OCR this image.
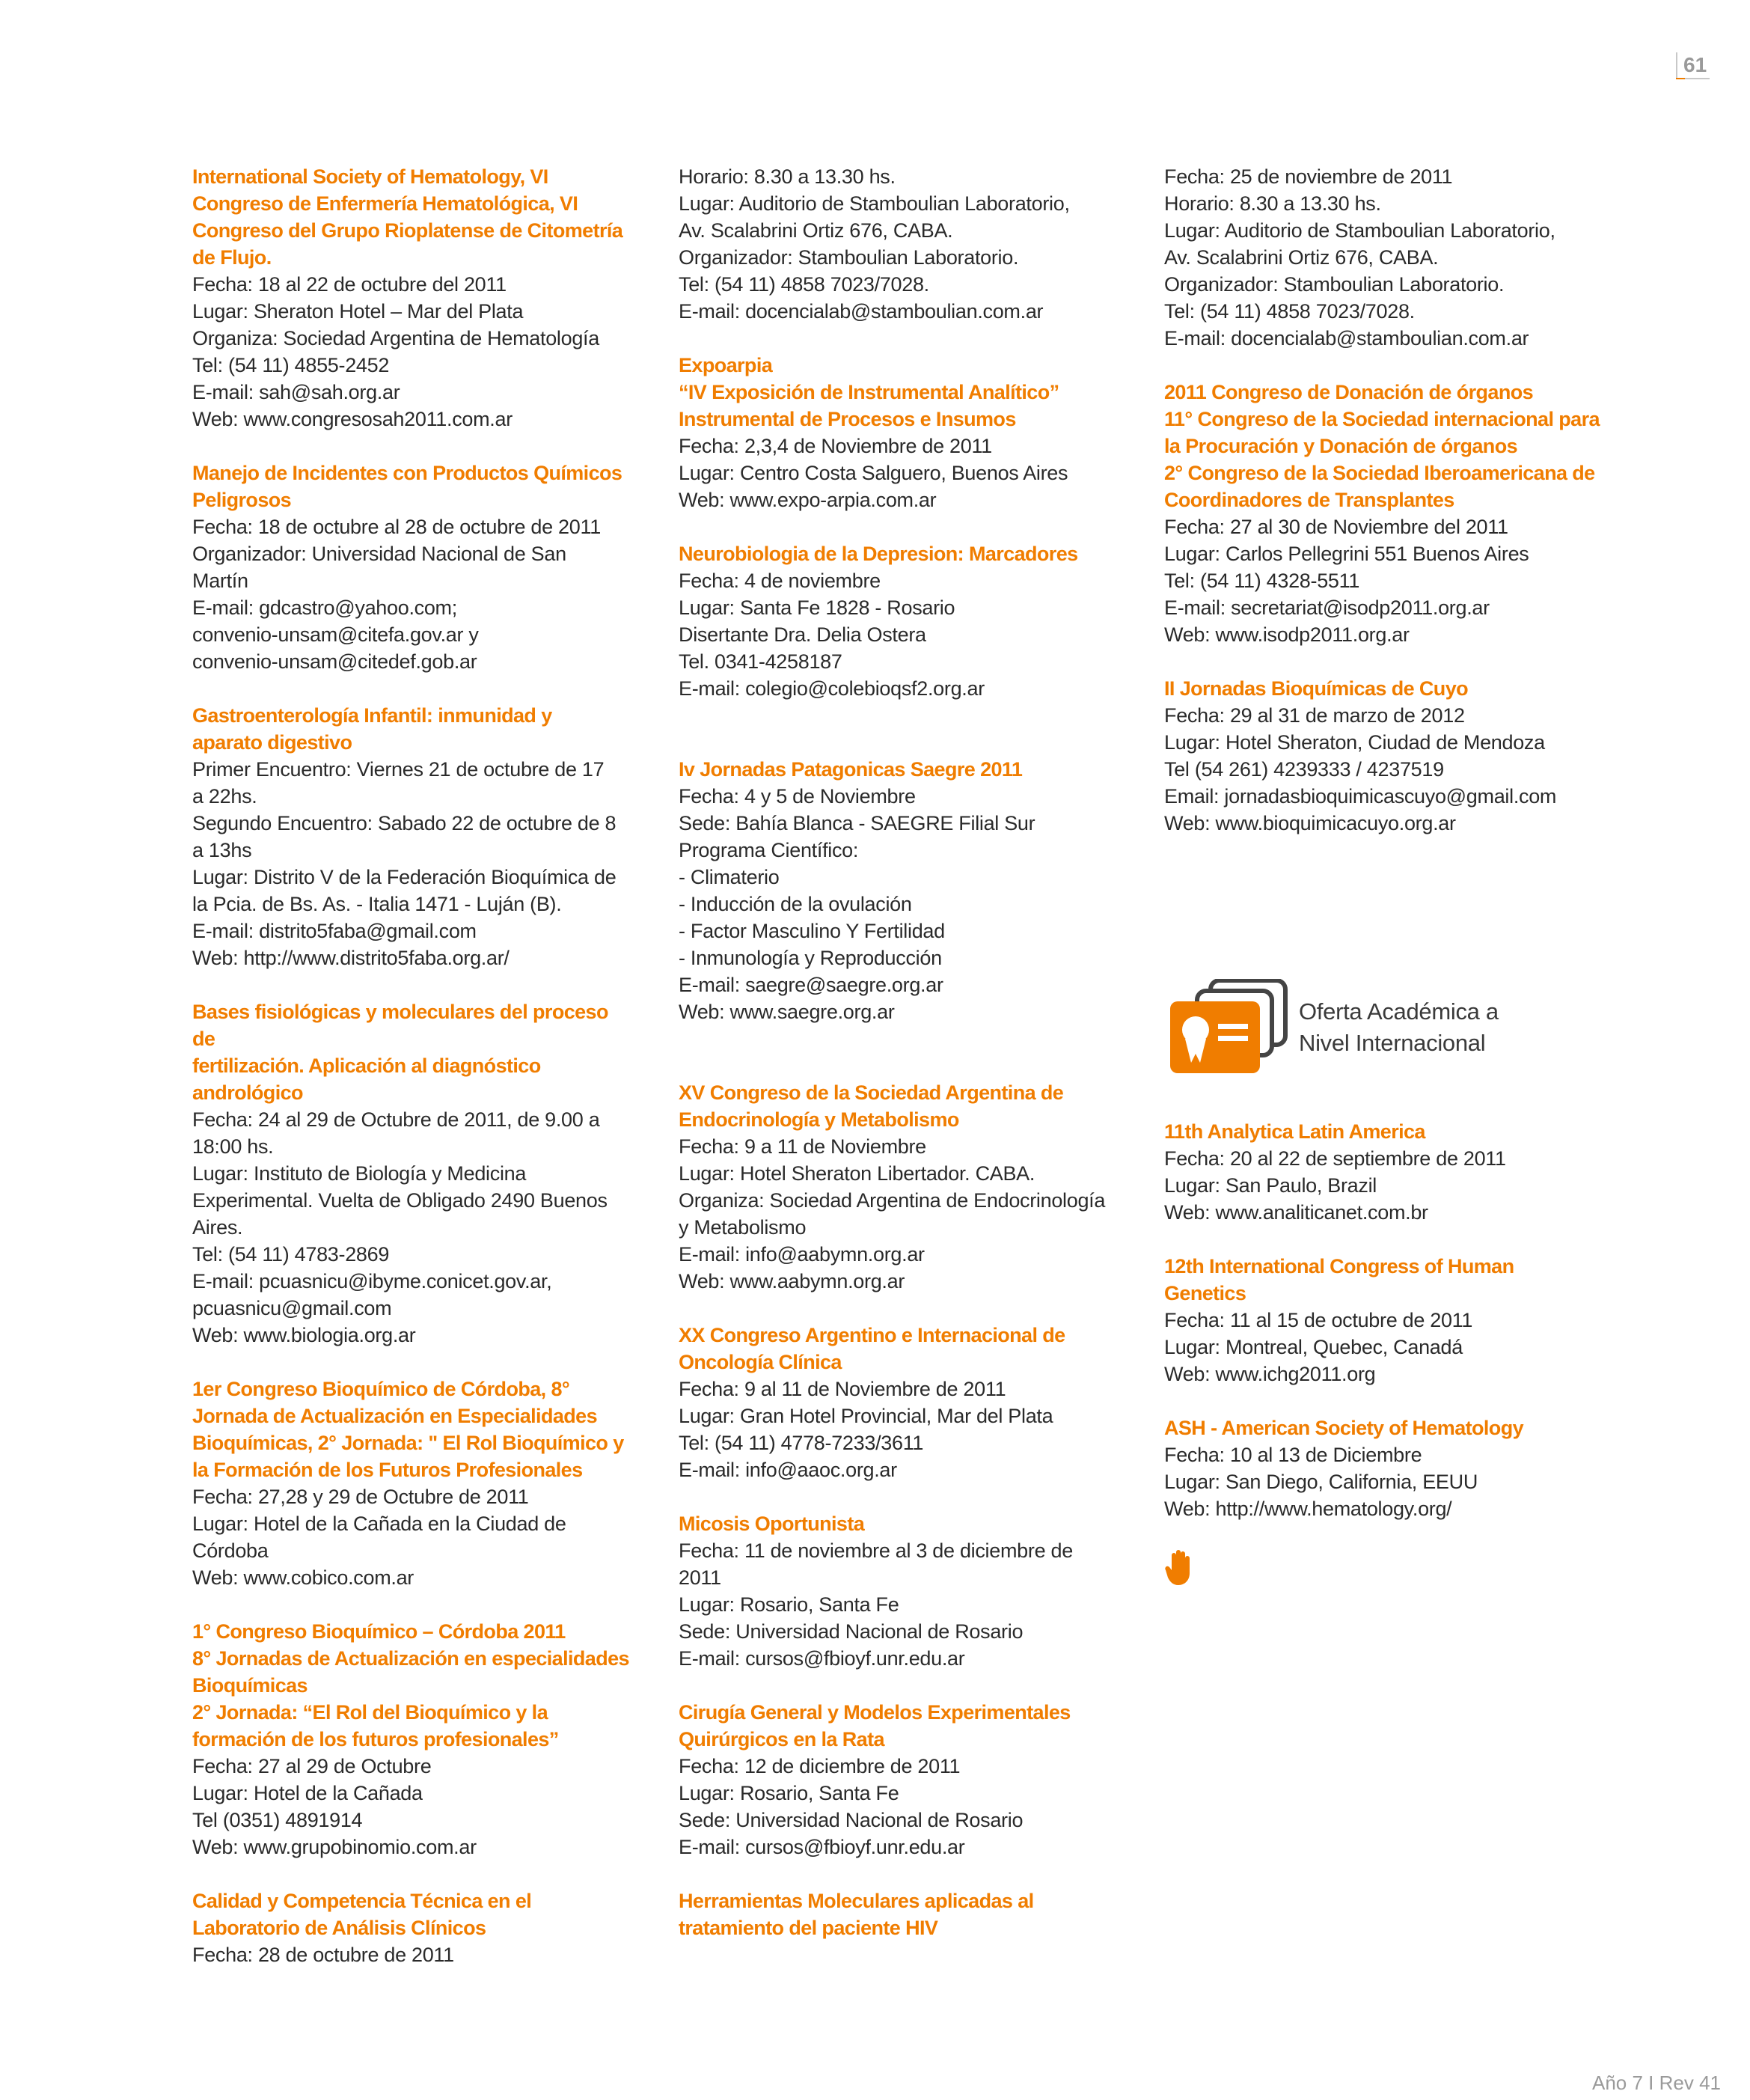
61
International Society of Hematology, VI
Congreso de Enfermería Hematológica, VI
Congreso del Grupo Rioplatense de Citometría
de Flujo.
Fecha: 18 al 22 de octubre del 2011
Lugar: Sheraton Hotel – Mar del Plata
Organiza: Sociedad Argentina de Hematología
Tel: (54 11) 4855-2452
E-mail: sah@sah.org.ar
Web: www.congresosah2011.com.ar
Manejo de Incidentes con Productos Químicos
Peligrosos
Fecha: 18 de octubre al 28 de octubre de 2011
Organizador: Universidad Nacional de San
Martín
E-mail: gdcastro@yahoo.com;
convenio-unsam@citefa.gov.ar y
convenio-unsam@citedef.gob.ar
Gastroenterología Infantil: inmunidad y
aparato digestivo
Primer Encuentro: Viernes 21 de octubre de 17
a 22hs.
Segundo Encuentro: Sabado 22 de octubre de 8
a 13hs
Lugar: Distrito V de la Federación Bioquímica de
la Pcia. de Bs. As. - Italia 1471 - Luján (B).
E-mail: distrito5faba@gmail.com
Web: http://www.distrito5faba.org.ar/
Bases fisiológicas y moleculares del proceso de
fertilización. Aplicación al diagnóstico
andrológico
Fecha: 24 al 29 de Octubre de 2011, de 9.00 a
18:00 hs.
Lugar: Instituto de Biología y Medicina
Experimental. Vuelta de Obligado 2490 Buenos
Aires.
Tel: (54 11) 4783-2869
E-mail: pcuasnicu@ibyme.conicet.gov.ar,
pcuasnicu@gmail.com
Web: www.biologia.org.ar
1er Congreso Bioquímico de Córdoba, 8°
Jornada de Actualización en Especialidades
Bioquímicas, 2° Jornada: " El Rol Bioquímico y
la Formación de los Futuros Profesionales
Fecha: 27,28 y 29 de Octubre de 2011
Lugar: Hotel de la Cañada en la Ciudad de
Córdoba
Web: www.cobico.com.ar
1° Congreso Bioquímico – Córdoba 2011
8° Jornadas de Actualización en especialidades
Bioquímicas
2° Jornada: “El Rol del Bioquímico y la
formación de los futuros profesionales”
Fecha: 27 al 29 de Octubre
Lugar: Hotel de la Cañada
Tel (0351) 4891914
Web: www.grupobinomio.com.ar
Calidad y Competencia Técnica en el
Laboratorio de Análisis Clínicos
Fecha: 28 de octubre de 2011
Horario: 8.30 a 13.30 hs.
Lugar: Auditorio de Stamboulian Laboratorio,
Av. Scalabrini Ortiz 676, CABA.
Organizador: Stamboulian Laboratorio.
Tel: (54 11) 4858 7023/7028.
E-mail: docencialab@stamboulian.com.ar
Expoarpia
“IV Exposición de Instrumental Analítico”
Instrumental de Procesos e Insumos
Fecha: 2,3,4 de Noviembre de 2011
Lugar: Centro Costa Salguero, Buenos Aires
Web: www.expo-arpia.com.ar
Neurobiologia de la Depresion: Marcadores
Fecha: 4 de noviembre
Lugar: Santa Fe 1828 - Rosario
Disertante Dra. Delia Ostera
Tel. 0341-4258187
E-mail: colegio@colebioqsf2.org.ar
Iv Jornadas Patagonicas Saegre 2011
Fecha: 4 y 5 de Noviembre
Sede: Bahía Blanca - SAEGRE Filial Sur
Programa Científico:
- Climaterio
- Inducción de la ovulación
- Factor Masculino Y Fertilidad
- Inmunología y Reproducción
E-mail: saegre@saegre.org.ar
Web: www.saegre.org.ar
XV Congreso de la Sociedad Argentina de
Endocrinología y Metabolismo
Fecha: 9 a 11 de Noviembre
Lugar: Hotel Sheraton Libertador. CABA.
Organiza: Sociedad Argentina de Endocrinología
y Metabolismo
E-mail: info@aabymn.org.ar
Web: www.aabymn.org.ar
XX Congreso Argentino e Internacional de
Oncología Clínica
Fecha: 9 al 11 de Noviembre de 2011
Lugar: Gran Hotel Provincial, Mar del Plata
Tel: (54 11) 4778-7233/3611
E-mail: info@aaoc.org.ar
Micosis Oportunista
Fecha: 11 de noviembre al 3 de diciembre de
2011
Lugar: Rosario, Santa Fe
Sede: Universidad Nacional de Rosario
E-mail: cursos@fbioyf.unr.edu.ar
Cirugía General y Modelos Experimentales
Quirúrgicos en la Rata
Fecha: 12 de diciembre de 2011
Lugar: Rosario, Santa Fe
Sede: Universidad Nacional de Rosario
E-mail: cursos@fbioyf.unr.edu.ar
Herramientas Moleculares aplicadas al
tratamiento del paciente HIV
Fecha: 25 de noviembre de 2011
Horario: 8.30 a 13.30 hs.
Lugar: Auditorio de Stamboulian Laboratorio,
Av. Scalabrini Ortiz 676, CABA.
Organizador: Stamboulian Laboratorio.
Tel: (54 11) 4858 7023/7028.
E-mail: docencialab@stamboulian.com.ar
2011 Congreso de Donación de órganos
11° Congreso de la Sociedad internacional para
la Procuración y Donación de órganos
2° Congreso de la Sociedad Iberoamericana de
Coordinadores de Transplantes
Fecha: 27 al 30 de Noviembre del 2011
Lugar: Carlos Pellegrini 551 Buenos Aires
Tel: (54 11) 4328-5511
E-mail: secretariat@isodp2011.org.ar
Web: www.isodp2011.org.ar
II Jornadas Bioquímicas de Cuyo
Fecha: 29 al 31 de marzo de 2012
Lugar: Hotel Sheraton, Ciudad de Mendoza
Tel (54 261) 4239333 / 4237519
Email: jornadasbioquimicascuyo@gmail.com
Web: www.bioquimicacuyo.org.ar
Oferta Académica a
Nivel Internacional
11th Analytica Latin America
Fecha: 20 al 22 de septiembre de 2011
Lugar: San Paulo, Brazil
Web: www.analiticanet.com.br
12th International Congress of Human
Genetics
Fecha: 11 al 15 de octubre de 2011
Lugar: Montreal, Quebec, Canadá
Web: www.ichg2011.org
ASH - American Society of Hematology
Fecha: 10 al 13 de Diciembre
Lugar: San Diego, California, EEUU
Web: http://www.hematology.org/
Año 7 I Rev 41
